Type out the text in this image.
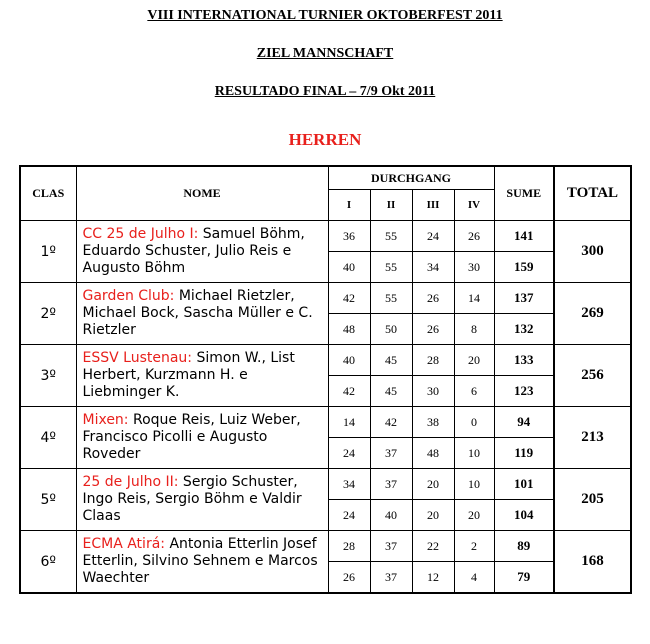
VIII INTERNATIONAL TURNIER OKTOBERFEST 2011
ZIEL MANNSCHAFT
RESULTADO FINAL – 7/9 Okt 2011
HERREN
CLAS	NOME	DURCHGANG				SUME	TOTAL
		I	II	III	IV		
1º	CC 25 de Julho I: Samuel Böhm, Eduardo Schuster, Julio Reis e Augusto Böhm	36	55	24	26	141	300
		40	55	34	30	159	
2º	Garden Club: Michael Rietzler, Michael Bock, Sascha Müller e C. Rietzler	42	55	26	14	137	269
		48	50	26	8	132	
3º	ESSV Lustenau: Simon W., List Herbert, Kurzmann H. e Liebminger K.	40	45	28	20	133	256
		42	45	30	6	123	
4º	Mixen: Roque Reis, Luiz Weber, Francisco Picolli e Augusto Roveder	14	42	38	0	94	213
		24	37	48	10	119	
5º	25 de Julho II: Sergio Schuster, Ingo Reis, Sergio Böhm e Valdir Claas	34	37	20	10	101	205
		24	40	20	20	104	
6º	ECMA Atirá: Antonia Etterlin Josef Etterlin, Silvino Sehnem e Marcos Waechter	28	37	22	2	89	168
		26	37	12	4	79	
